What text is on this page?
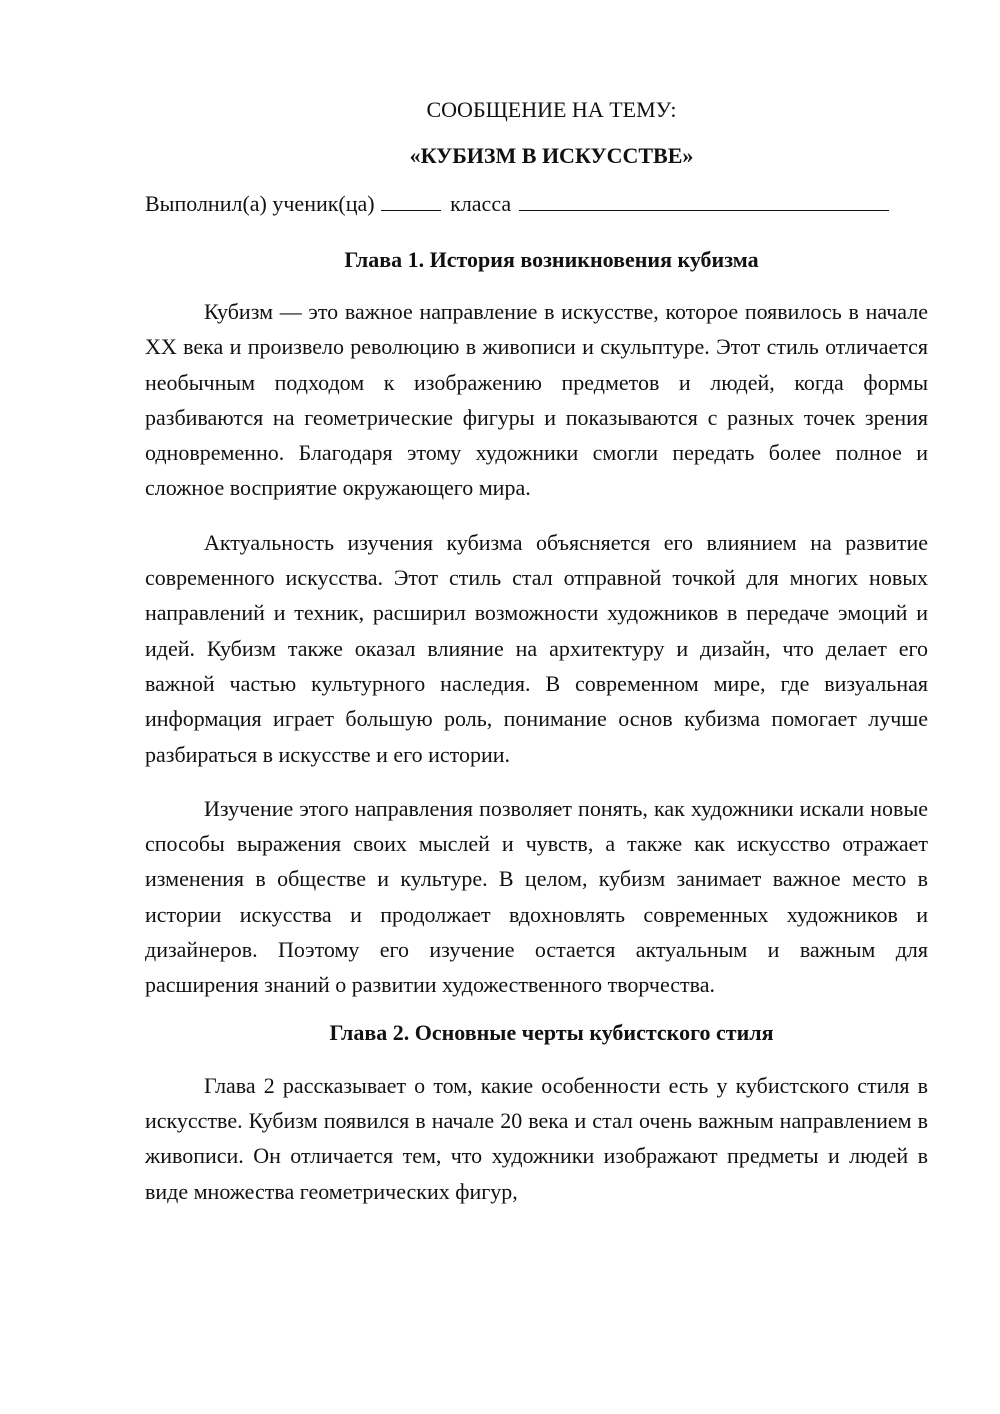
СООБЩЕНИЕ НА ТЕМУ:

«КУБИЗМ В ИСКУССТВЕ»

Выполнил(а) ученик(ца)	класса

Глава 1. История возникновения кубизма

Кубизм — это важное направление в искусстве, которое появилось в начале XX века и произвело революцию в живописи и скульптуре. Этот стиль отличается необычным подходом к изображению предметов и людей, когда формы разбиваются на геометрические фигуры и показываются с разных точек зрения одновременно. Благодаря этому художники смогли передать более полное и сложное восприятие окружающего мира.

Актуальность изучения кубизма объясняется его влиянием на развитие современного искусства. Этот стиль стал отправной точкой для многих новых направлений и техник, расширил возможности художников в передаче эмоций и идей. Кубизм также оказал влияние на архитектуру и дизайн, что делает его важной частью культурного наследия. В современном мире, где визуальная информация играет большую роль, понимание основ кубизма помогает лучше разбираться в искусстве и его истории.

Изучение этого направления позволяет понять, как художники искали новые способы выражения своих мыслей и чувств, а также как искусство отражает изменения в обществе и культуре. В целом, кубизм занимает важное место в истории искусства и продолжает вдохновлять современных художников и дизайнеров. Поэтому его изучение остается актуальным и важным для расширения знаний о развитии художественного творчества.

Глава 2. Основные черты кубистского стиля

Глава 2 рассказывает о том, какие особенности есть у кубистского стиля в искусстве. Кубизм появился в начале 20 века и стал очень важным направлением в живописи. Он отличается тем, что художники изображают предметы и людей в виде множества геометрических фигур,
